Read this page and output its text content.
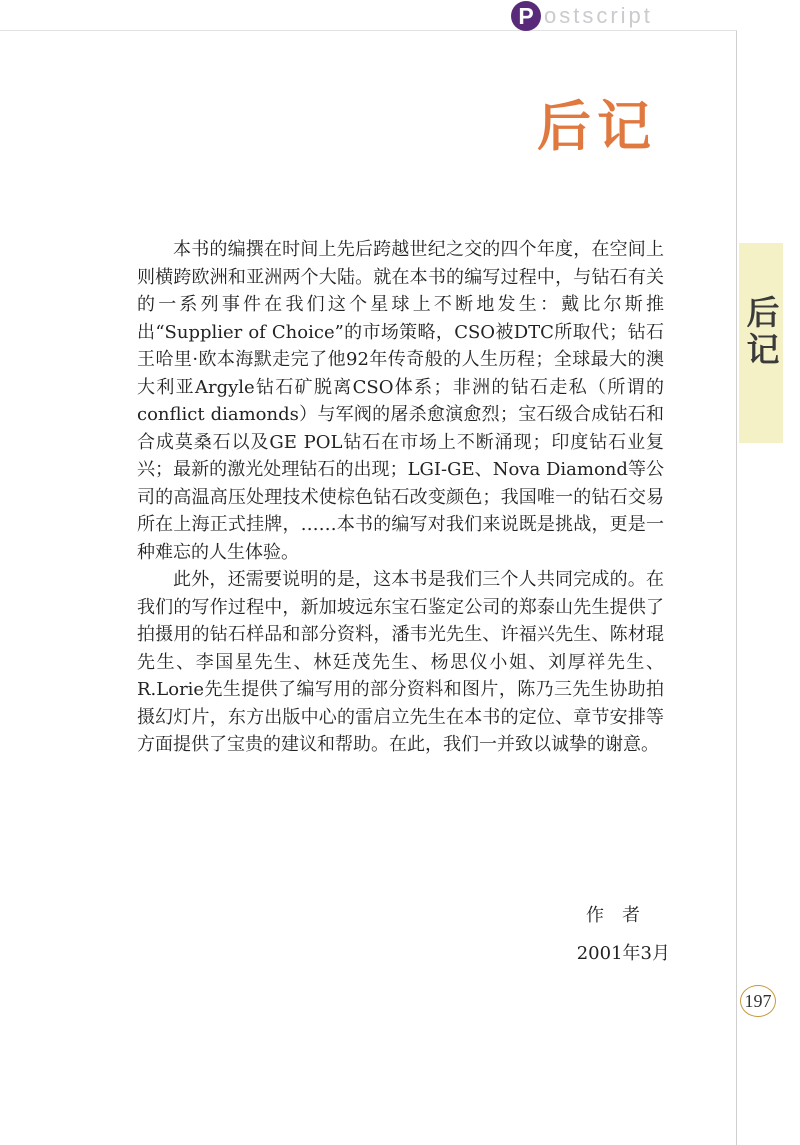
P ostscript
后记
后记

本书的编撰在时间上先后跨越世纪之交的四个年度，在空间上则横跨欧洲和亚洲两个大陆。就在本书的编写过程中，与钻石有关的一系列事件在我们这个星球上不断地发生：戴比尔斯推出“Supplier of Choice”的市场策略，CSO被DTC所取代；钻石王哈里·欧本海默走完了他92年传奇般的人生历程；全球最大的澳大利亚Argyle钻石矿脱离CSO体系；非洲的钻石走私（所谓的conflict diamonds）与军阀的屠杀愈演愈烈；宝石级合成钻石和合成莫桑石以及GE POL钻石在市场上不断涌现；印度钻石业复兴；最新的激光处理钻石的出现；LGI-GE、Nova Diamond等公司的高温高压处理技术使棕色钻石改变颜色；我国唯一的钻石交易所在上海正式挂牌，……本书的编写对我们来说既是挑战，更是一种难忘的人生体验。

此外，还需要说明的是，这本书是我们三个人共同完成的。在我们的写作过程中，新加坡远东宝石鉴定公司的郑泰山先生提供了拍摄用的钻石样品和部分资料，潘韦光先生、许福兴先生、陈材琨先生、李国星先生、林廷茂先生、杨思仪小姐、刘厚祥先生、R.Lorie先生提供了编写用的部分资料和图片，陈乃三先生协助拍摄幻灯片，东方出版中心的雷启立先生在本书的定位、章节安排等方面提供了宝贵的建议和帮助。在此，我们一并致以诚挚的谢意。

作　者
2001年3月
197
